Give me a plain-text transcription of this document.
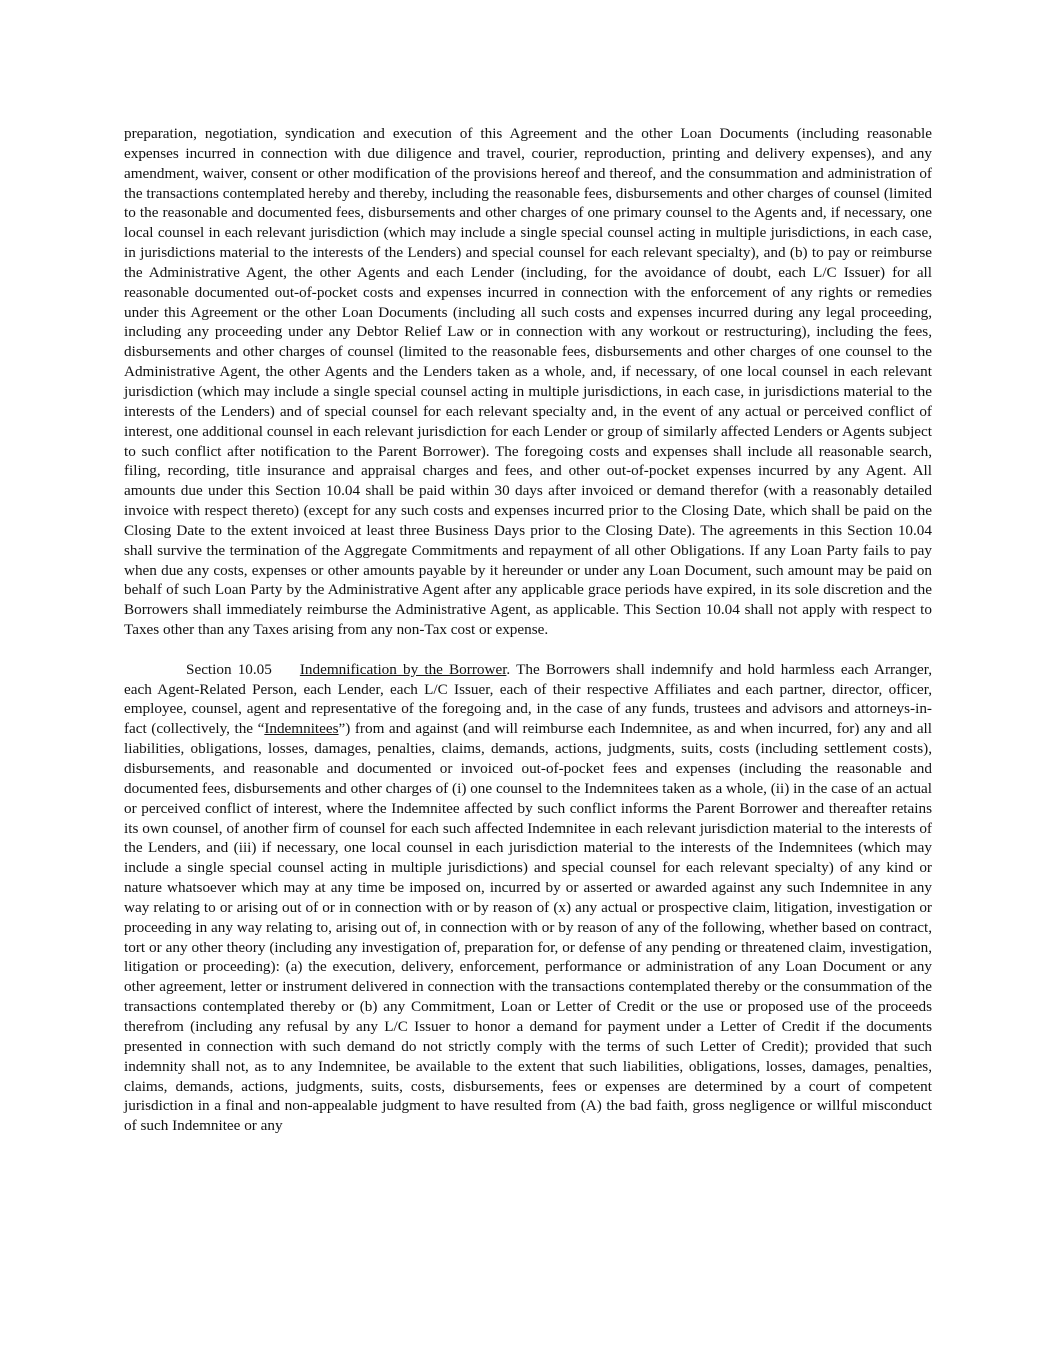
preparation, negotiation, syndication and execution of this Agreement and the other Loan Documents (including reasonable expenses incurred in connection with due diligence and travel, courier, reproduction, printing and delivery expenses), and any amendment, waiver, consent or other modification of the provisions hereof and thereof, and the consummation and administration of the transactions contemplated hereby and thereby, including the reasonable fees, disbursements and other charges of counsel (limited to the reasonable and documented fees, disbursements and other charges of one primary counsel to the Agents and, if necessary, one local counsel in each relevant jurisdiction (which may include a single special counsel acting in multiple jurisdictions, in each case, in jurisdictions material to the interests of the Lenders) and special counsel for each relevant specialty), and (b) to pay or reimburse the Administrative Agent, the other Agents and each Lender (including, for the avoidance of doubt, each L/C Issuer) for all reasonable documented out-of-pocket costs and expenses incurred in connection with the enforcement of any rights or remedies under this Agreement or the other Loan Documents (including all such costs and expenses incurred during any legal proceeding, including any proceeding under any Debtor Relief Law or in connection with any workout or restructuring), including the fees, disbursements and other charges of counsel (limited to the reasonable fees, disbursements and other charges of one counsel to the Administrative Agent, the other Agents and the Lenders taken as a whole, and, if necessary, of one local counsel in each relevant jurisdiction (which may include a single special counsel acting in multiple jurisdictions, in each case, in jurisdictions material to the interests of the Lenders) and of special counsel for each relevant specialty and, in the event of any actual or perceived conflict of interest, one additional counsel in each relevant jurisdiction for each Lender or group of similarly affected Lenders or Agents subject to such conflict after notification to the Parent Borrower). The foregoing costs and expenses shall include all reasonable search, filing, recording, title insurance and appraisal charges and fees, and other out-of-pocket expenses incurred by any Agent. All amounts due under this Section 10.04 shall be paid within 30 days after invoiced or demand therefor (with a reasonably detailed invoice with respect thereto) (except for any such costs and expenses incurred prior to the Closing Date, which shall be paid on the Closing Date to the extent invoiced at least three Business Days prior to the Closing Date). The agreements in this Section 10.04 shall survive the termination of the Aggregate Commitments and repayment of all other Obligations. If any Loan Party fails to pay when due any costs, expenses or other amounts payable by it hereunder or under any Loan Document, such amount may be paid on behalf of such Loan Party by the Administrative Agent after any applicable grace periods have expired, in its sole discretion and the Borrowers shall immediately reimburse the Administrative Agent, as applicable. This Section 10.04 shall not apply with respect to Taxes other than any Taxes arising from any non-Tax cost or expense.

Section 10.05 Indemnification by the Borrower. The Borrowers shall indemnify and hold harmless each Arranger, each Agent-Related Person, each Lender, each L/C Issuer, each of their respective Affiliates and each partner, director, officer, employee, counsel, agent and representative of the foregoing and, in the case of any funds, trustees and advisors and attorneys-in-fact (collectively, the “Indemnitees”) from and against (and will reimburse each Indemnitee, as and when incurred, for) any and all liabilities, obligations, losses, damages, penalties, claims, demands, actions, judgments, suits, costs (including settlement costs), disbursements, and reasonable and documented or invoiced out-of-pocket fees and expenses (including the reasonable and documented fees, disbursements and other charges of (i) one counsel to the Indemnitees taken as a whole, (ii) in the case of an actual or perceived conflict of interest, where the Indemnitee affected by such conflict informs the Parent Borrower and thereafter retains its own counsel, of another firm of counsel for each such affected Indemnitee in each relevant jurisdiction material to the interests of the Lenders, and (iii) if necessary, one local counsel in each jurisdiction material to the interests of the Indemnitees (which may include a single special counsel acting in multiple jurisdictions) and special counsel for each relevant specialty) of any kind or nature whatsoever which may at any time be imposed on, incurred by or asserted or awarded against any such Indemnitee in any way relating to or arising out of or in connection with or by reason of (x) any actual or prospective claim, litigation, investigation or proceeding in any way relating to, arising out of, in connection with or by reason of any of the following, whether based on contract, tort or any other theory (including any investigation of, preparation for, or defense of any pending or threatened claim, investigation, litigation or proceeding): (a) the execution, delivery, enforcement, performance or administration of any Loan Document or any other agreement, letter or instrument delivered in connection with the transactions contemplated thereby or the consummation of the transactions contemplated thereby or (b) any Commitment, Loan or Letter of Credit or the use or proposed use of the proceeds therefrom (including any refusal by any L/C Issuer to honor a demand for payment under a Letter of Credit if the documents presented in connection with such demand do not strictly comply with the terms of such Letter of Credit); provided that such indemnity shall not, as to any Indemnitee, be available to the extent that such liabilities, obligations, losses, damages, penalties, claims, demands, actions, judgments, suits, costs, disbursements, fees or expenses are determined by a court of competent jurisdiction in a final and non-appealable judgment to have resulted from (A) the bad faith, gross negligence or willful misconduct of such Indemnitee or any
